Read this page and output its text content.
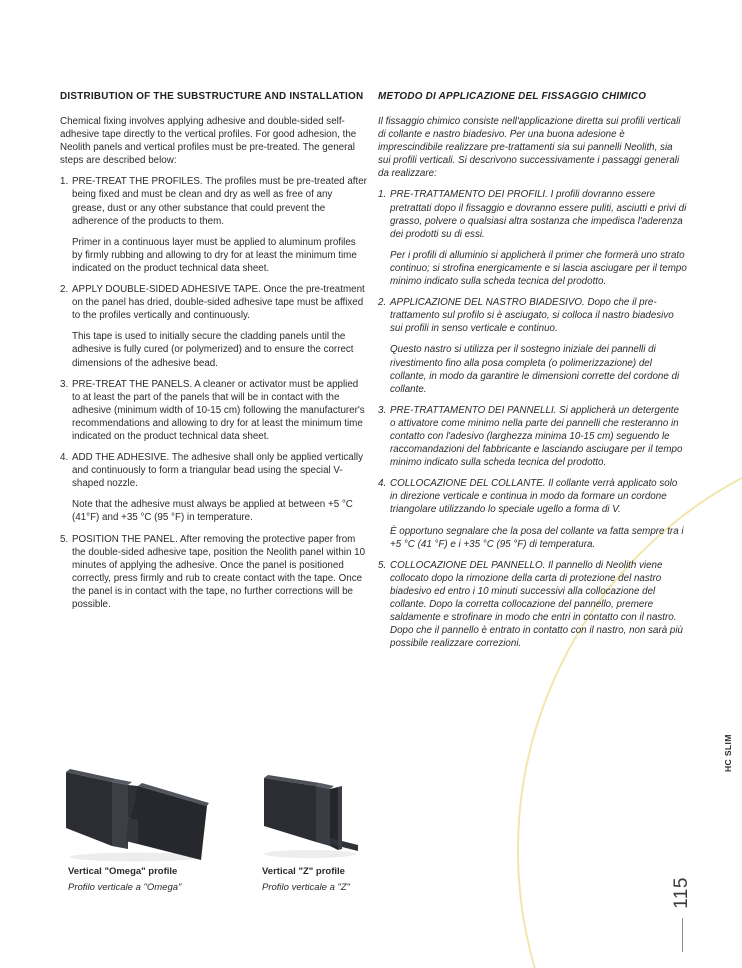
DISTRIBUTION OF THE SUBSTRUCTURE AND INSTALLATION

Chemical fixing involves applying adhesive and double-sided self-adhesive tape directly to the vertical profiles. For good adhesion, the Neolith panels and vertical profiles must be pre-treated. The general steps are described below:

1. PRE-TREAT THE PROFILES. The profiles must be pre-treated after being fixed and must be clean and dry as well as free of any grease, dust or any other substance that could prevent the adherence of the products to them.

Primer in a continuous layer must be applied to aluminum profiles by firmly rubbing and allowing to dry for at least the minimum time indicated on the product technical data sheet.

2. APPLY DOUBLE-SIDED ADHESIVE TAPE. Once the pre-treatment on the panel has dried, double-sided adhesive tape must be affixed to the profiles vertically and continuously.

This tape is used to initially secure the cladding panels until the adhesive is fully cured (or polymerized) and to ensure the correct dimensions of the adhesive bead.

3. PRE-TREAT THE PANELS. A cleaner or activator must be applied to at least the part of the panels that will be in contact with the adhesive (minimum width of 10-15 cm) following the manufacturer's recommendations and allowing to dry for at least the minimum time indicated on the product technical data sheet.

4. ADD THE ADHESIVE. The adhesive shall only be applied vertically and continuously to form a triangular bead using the special V-shaped nozzle.

Note that the adhesive must always be applied at between +5 °C (41°F) and +35 °C (95 °F) in temperature.

5. POSITION THE PANEL. After removing the protective paper from the double-sided adhesive tape, position the Neolith panel within 10 minutes of applying the adhesive. Once the panel is positioned correctly, press firmly and rub to create contact with the tape. Once the panel is in contact with the tape, no further corrections will be possible.

METODO DI APPLICAZIONE DEL FISSAGGIO CHIMICO

Il fissaggio chimico consiste nell'applicazione diretta sui profili verticali di collante e nastro biadesivo. Per una buona adesione è imprescindibile realizzare pre-trattamenti sia sui pannelli Neolith, sia sui profili verticali. Si descrivono successivamente i passaggi generali da realizzare:

1. PRE-TRATTAMENTO DEI PROFILI. I profili dovranno essere pretrattati dopo il fissaggio e dovranno essere puliti, asciutti e privi di grasso, polvere o qualsiasi altra sostanza che impedisca l'aderenza dei prodotti su di essi.

Per i profili di alluminio si applicherà il primer che formerà uno strato continuo; si strofina energicamente e si lascia asciugare per il tempo minimo indicato sulla scheda tecnica del prodotto.

2. APPLICAZIONE DEL NASTRO BIADESIVO. Dopo che il pre-trattamento sul profilo si è asciugato, si colloca il nastro biadesivo sui profili in senso verticale e continuo.

Questo nastro si utilizza per il sostegno iniziale dei pannelli di rivestimento fino alla posa completa (o polimerizzazione) del collante, in modo da garantire le dimensioni corrette del cordone di collante.

3. PRE-TRATTAMENTO DEI PANNELLI. Si applicherà un detergente o attivatore come minimo nella parte dei pannelli che resteranno in contatto con l'adesivo (larghezza minima 10-15 cm) seguendo le raccomandazioni del fabbricante e lasciando asciugare per il tempo minimo indicato sulla scheda tecnica del prodotto.

4. COLLOCAZIONE DEL COLLANTE. Il collante verrà applicato solo in direzione verticale e continua in modo da formare un cordone triangolare utilizzando lo speciale ugello a forma di V.

È opportuno segnalare che la posa del collante va fatta sempre tra i +5 °C (41 °F) e i +35 °C (95 °F) di temperatura.

5. COLLOCAZIONE DEL PANNELLO. Il pannello di Neolith viene collocato dopo la rimozione della carta di protezione del nastro biadesivo ed entro i 10 minuti successivi alla collocazione del collante. Dopo la corretta collocazione del pannello, premere saldamente e strofinare in modo che entri in contatto con il nastro. Dopo che il pannello è entrato in contatto con il nastro, non sarà più possibile realizzare correzioni.

Vertical "Omega" profile
Profilo verticale a "Omega"
Vertical "Z" profile
Profilo verticale a "Z"

HC SLIM

115
